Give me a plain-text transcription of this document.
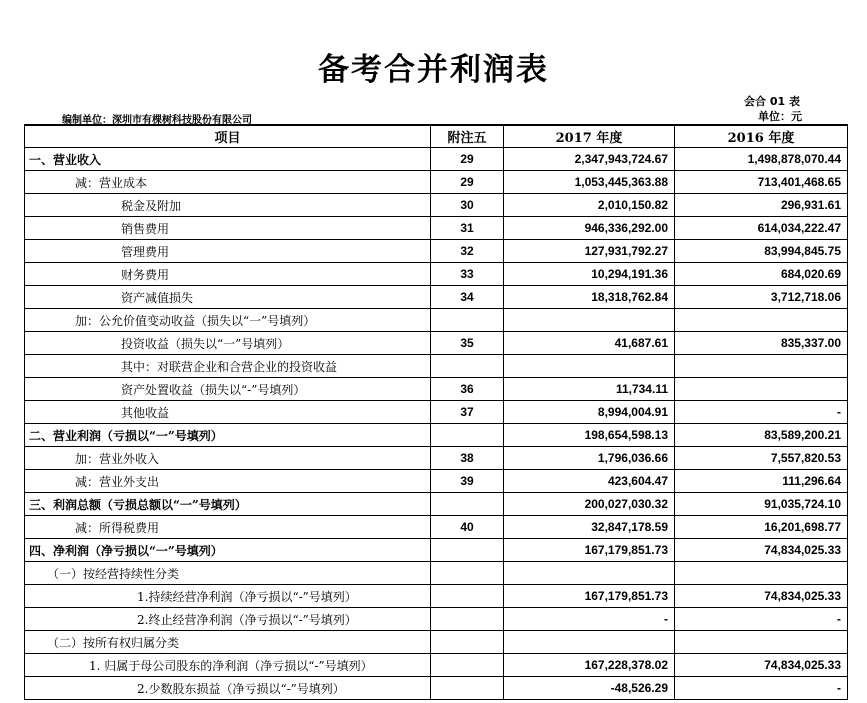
备考合并利润表
会合 01 表
单位：元
编制单位：深圳市有棵树科技股份有限公司
项目	附注五	2017 年度	2016 年度
一、营业收入	29	2,347,943,724.67	1,498,878,070.44
减：营业成本	29	1,053,445,363.88	713,401,468.65
税金及附加	30	2,010,150.82	296,931.61
销售费用	31	946,336,292.00	614,034,222.47
管理费用	32	127,931,792.27	83,994,845.75
财务费用	33	10,294,191.36	684,020.69
资产减值损失	34	18,318,762.84	3,712,718.06
加：公允价值变动收益（损失以“一”号填列）			
投资收益（损失以“一”号填列）	35	41,687.61	835,337.00
其中：对联营企业和合营企业的投资收益			
资产处置收益（损失以“-”号填列）	36	11,734.11	
其他收益	37	8,994,004.91	-
二、营业利润（亏损以“一”号填列）		198,654,598.13	83,589,200.21
加：营业外收入	38	1,796,036.66	7,557,820.53
减：营业外支出	39	423,604.47	111,296.64
三、利润总额（亏损总额以“一”号填列）		200,027,030.32	91,035,724.10
减：所得税费用	40	32,847,178.59	16,201,698.77
四、净利润（净亏损以“一”号填列）		167,179,851.73	74,834,025.33
（一）按经营持续性分类			
1.持续经营净利润（净亏损以“-”号填列）		167,179,851.73	74,834,025.33
2.终止经营净利润（净亏损以“-”号填列）		-	-
（二）按所有权归属分类			
1. 归属于母公司股东的净利润（净亏损以“-”号填列）		167,228,378.02	74,834,025.33
2.少数股东损益（净亏损以“-”号填列）		-48,526.29	-
